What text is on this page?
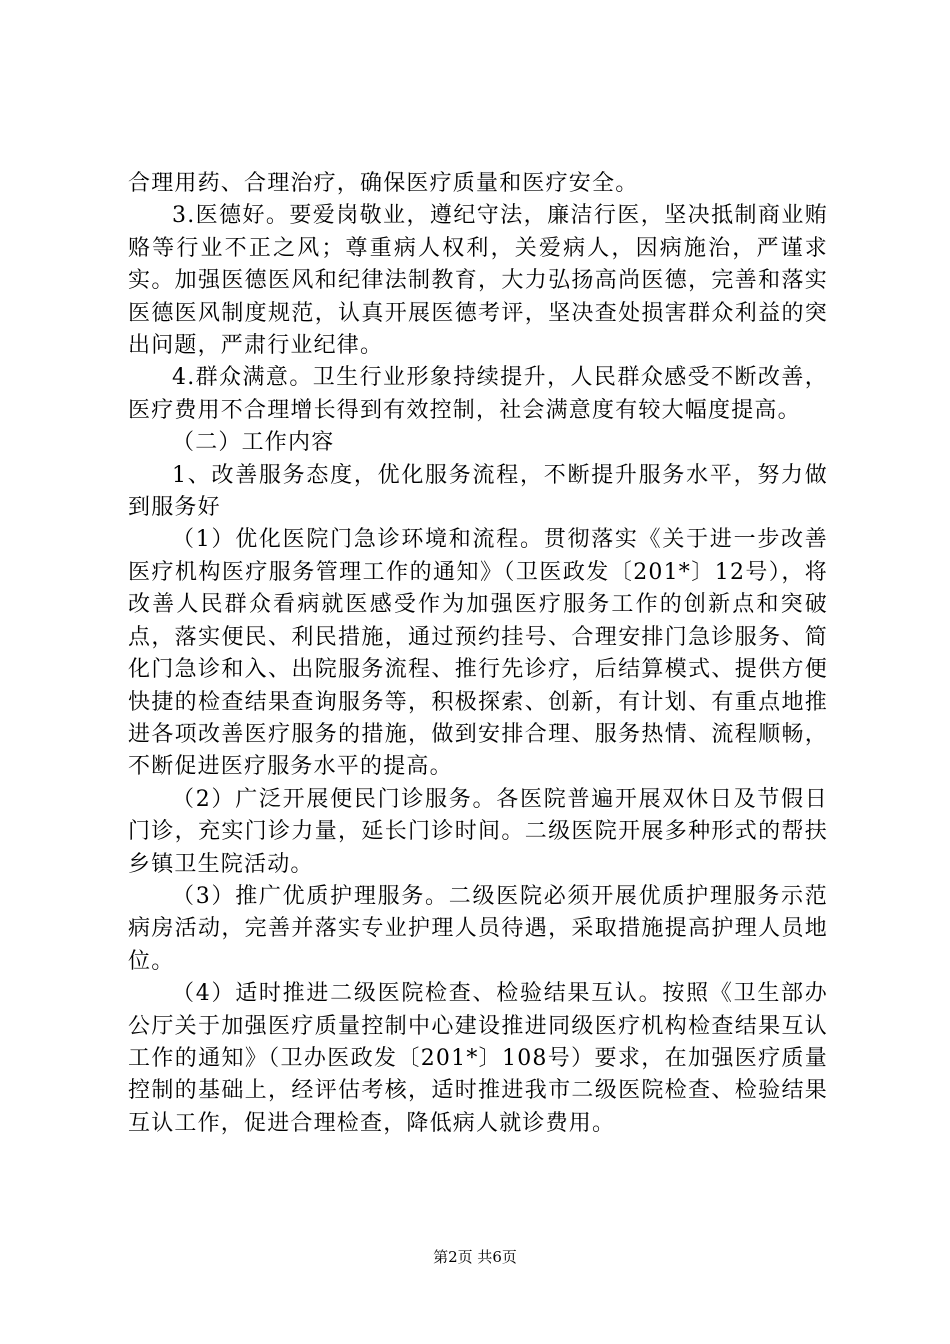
合理用药、合理治疗，确保医疗质量和医疗安全。

3.医德好。要爱岗敬业，遵纪守法，廉洁行医，坚决抵制商业贿赂等行业不正之风；尊重病人权利，关爱病人，因病施治，严谨求实。加强医德医风和纪律法制教育，大力弘扬高尚医德，完善和落实医德医风制度规范，认真开展医德考评，坚决查处损害群众利益的突出问题，严肃行业纪律。

4.群众满意。卫生行业形象持续提升，人民群众感受不断改善，医疗费用不合理增长得到有效控制，社会满意度有较大幅度提高。

（二）工作内容

1、改善服务态度，优化服务流程，不断提升服务水平，努力做到服务好

（1）优化医院门急诊环境和流程。贯彻落实《关于进一步改善医疗机构医疗服务管理工作的通知》（卫医政发〔201*〕12号），将改善人民群众看病就医感受作为加强医疗服务工作的创新点和突破点，落实便民、利民措施，通过预约挂号、合理安排门急诊服务、简化门急诊和入、出院服务流程、推行先诊疗，后结算模式、提供方便快捷的检查结果查询服务等，积极探索、创新，有计划、有重点地推进各项改善医疗服务的措施，做到安排合理、服务热情、流程顺畅，不断促进医疗服务水平的提高。

（2）广泛开展便民门诊服务。各医院普遍开展双休日及节假日门诊，充实门诊力量，延长门诊时间。二级医院开展多种形式的帮扶乡镇卫生院活动。

（3）推广优质护理服务。二级医院必须开展优质护理服务示范病房活动，完善并落实专业护理人员待遇，采取措施提高护理人员地位。

（4）适时推进二级医院检查、检验结果互认。按照《卫生部办公厅关于加强医疗质量控制中心建设推进同级医疗机构检查结果互认工作的通知》（卫办医政发〔201*〕108号）要求，在加强医疗质量控制的基础上，经评估考核，适时推进我市二级医院检查、检验结果互认工作，促进合理检查，降低病人就诊费用。

第2页 共6页
